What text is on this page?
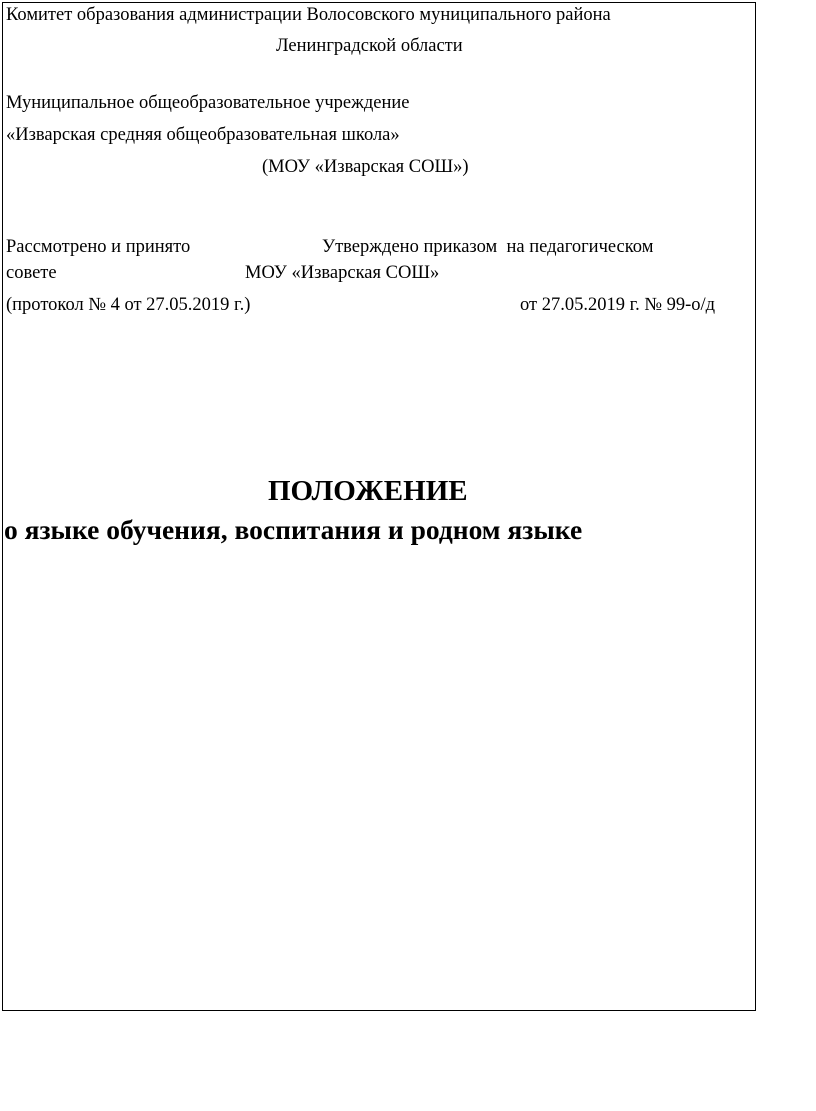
Комитет образования администрации Волосовского муниципального района
Ленинградской области
Муниципальное общеобразовательное учреждение
«Изварская средняя общеобразовательная школа»
(МОУ «Изварская СОШ»)
Рассмотрено и принято	Утверждено приказом  на педагогическом
совете	МОУ «Изварская СОШ»
(протокол № 4 от 27.05.2019 г.)	от 27.05.2019 г. № 99-о/д
ПОЛОЖЕНИЕ
о языке обучения, воспитания и родном языке
